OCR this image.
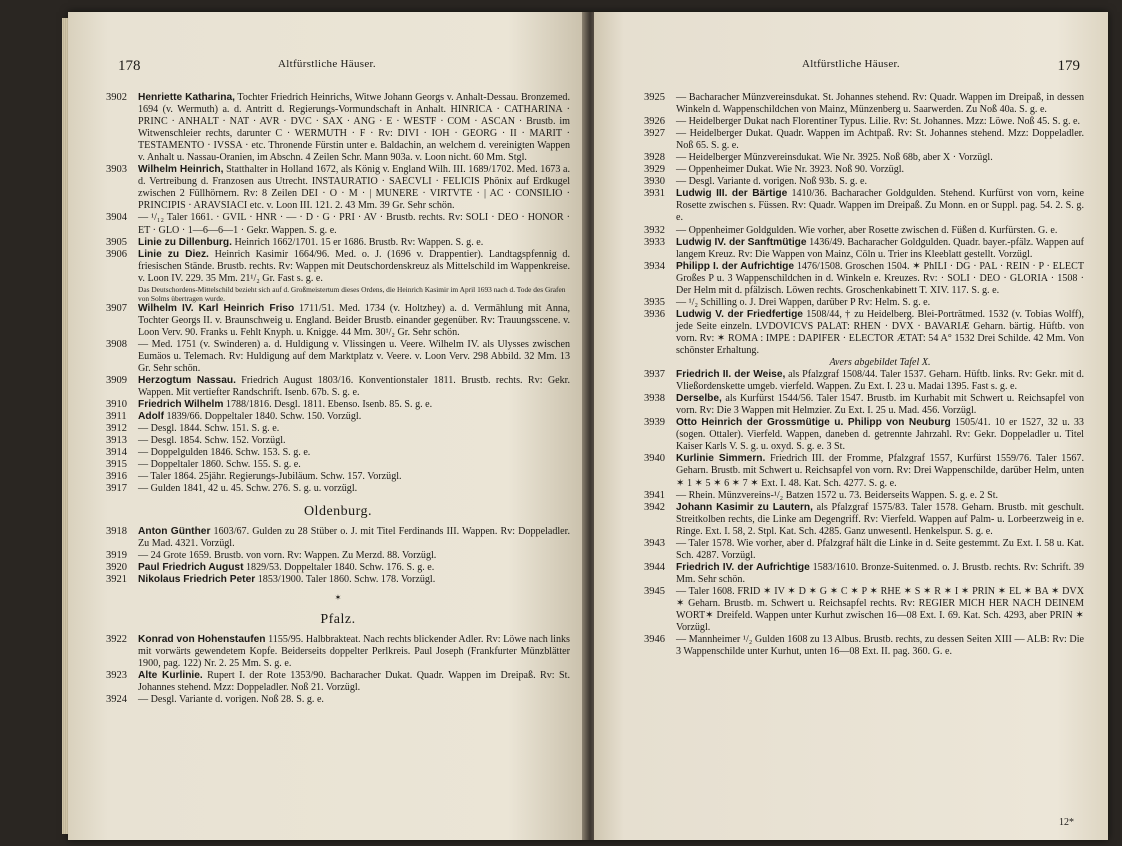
178	Altfürstliche Häuser.

3902 Henriette Katharina, Tochter Friedrich Heinrichs, Witwe Johann Georgs v. Anhalt-Dessau. Bronzemed. 1694 (v. Wermuth) a. d. Antritt d. Regierungs-Vormundschaft in Anhalt. HINRICA · CATHARINA · PRINC · ANHALT · NAT · AVR · DVC · SAX · ANG · E · WESTF · COM · ASCAN · Brustb. im Witwenschleier rechts, darunter C · WERMUTH · F · Rv: DIVI · IOH · GEORG · II · MARIT · TESTAMENTO · IVSSA · etc. Thronende Fürstin unter e. Baldachin, an welchem d. vereinigten Wappen v. Anhalt u. Nassau-Oranien, im Abschn. 4 Zeilen Schr. Mann 903a. v. Loon nicht. 60 Mm. Stgl.

3903 Wilhelm Heinrich, Statthalter in Holland 1672, als König v. England Wilh. III. 1689/1702. Med. 1673 a. d. Vertreibung d. Franzosen aus Utrecht. INSTAURATIO · SAECVLI · FELICIS Phönix auf Erdkugel zwischen 2 Füllhörnern. Rv: 8 Zeilen DEI · O · M · | MUNERE · VIRTVTE · | AC · CONSILIO · PRINCIPIS · ARAVSIACI etc. v. Loon III. 121. 2. 43 Mm. 39 Gr. Sehr schön.

3904 — ¹/₁₂ Taler 1661. · GVIL · HNR · — · D · G · PRI · AV · Brustb. rechts. Rv: SOLI · DEO · HONOR · ET · GLO · 1—6—6—1 · Gekr. Wappen. S. g. e.

3905 Linie zu Dillenburg. Heinrich 1662/1701. 15 er 1686. Brustb. Rv: Wappen. S. g. e.

3906 Linie zu Diez. Heinrich Kasimir 1664/96. Med. o. J. (1696 v. Drappentier). Landtagspfennig d. friesischen Stände. Brustb. rechts. Rv: Wappen mit Deutschordenskreuz als Mittelschild im Wappenkreise. v. Loon IV. 229. 35 Mm. 21¹/₂ Gr. Fast s. g. e.

Das Deutschordens-Mittelschild bezieht sich auf d. Großmeistertum dieses Ordens, die Heinrich Kasimir im April 1693 nach d. Tode des Grafen von Solms übertragen wurde.

3907 Wilhelm IV. Karl Heinrich Friso 1711/51. Med. 1734 (v. Holtzhey) a. d. Vermählung mit Anna, Tochter Georgs II. v. Braunschweig u. England. Beider Brustb. einander gegenüber. Rv: Trauungsscene. v. Loon Verv. 90. Franks u. Fehlt Knyph. u. Knigge. 44 Mm. 30¹/₂ Gr. Sehr schön.

3908 — Med. 1751 (v. Swinderen) a. d. Huldigung v. Vlissingen u. Veere. Wilhelm IV. als Ulysses zwischen Eumäos u. Telemach. Rv: Huldigung auf dem Marktplatz v. Veere. v. Loon Verv. 298 Abbild. 32 Mm. 13 Gr. Sehr schön.

3909 Herzogtum Nassau. Friedrich August 1803/16. Konventionstaler 1811. Brustb. rechts. Rv: Gekr. Wappen. Mit vertiefter Randschrift. Isenb. 67b. S. g. e.

3910 Friedrich Wilhelm 1788/1816. Desgl. 1811. Ebenso. Isenb. 85. S. g. e.

3911 Adolf 1839/66. Doppeltaler 1840. Schw. 150. Vorzügl.

3912 — Desgl. 1844. Schw. 151. S. g. e.

3913 — Desgl. 1854. Schw. 152. Vorzügl.

3914 — Doppelgulden 1846. Schw. 153. S. g. e.

3915 — Doppeltaler 1860. Schw. 155. S. g. e.

3916 — Taler 1864. 25jähr. Regierungs-Jubiläum. Schw. 157. Vorzügl.

3917 — Gulden 1841, 42 u. 45. Schw. 276. S. g. u. vorzügl.

Oldenburg.

3918 Anton Günther 1603/67. Gulden zu 28 Stüber o. J. mit Titel Ferdinands III. Wappen. Rv: Doppeladler. Zu Mad. 4321. Vorzügl.

3919 — 24 Grote 1659. Brustb. von vorn. Rv: Wappen. Zu Merzd. 88. Vorzügl.

3920 Paul Friedrich August 1829/53. Doppeltaler 1840. Schw. 176. S. g. e.

3921 Nikolaus Friedrich Peter 1853/1900. Taler 1860. Schw. 178. Vorzügl.

✶
Pfalz.

3922 Konrad von Hohenstaufen 1155/95. Halbbrakteat. Nach rechts blickender Adler. Rv: Löwe nach links mit vorwärts gewendetem Kopfe. Beiderseits doppelter Perlkreis. Paul Joseph (Frankfurter Münzblätter 1900, pag. 122) Nr. 2. 25 Mm. S. g. e.

3923 Alte Kurlinie. Rupert I. der Rote 1353/90. Bacharacher Dukat. Quadr. Wappen im Dreipaß. Rv: St. Johannes stehend. Mzz: Doppeladler. Noß 21. Vorzügl.

3924 — Desgl. Variante d. vorigen. Noß 28. S. g. e.

Altfürstliche Häuser.	179

3925 — Bacharacher Münzvereinsdukat. St. Johannes stehend. Rv: Quadr. Wappen im Dreipaß, in dessen Winkeln d. Wappenschildchen von Mainz, Münzenberg u. Saarwerden. Zu Noß 40a. S. g. e.

3926 — Heidelberger Dukat nach Florentiner Typus. Lilie. Rv: St. Johannes. Mzz: Löwe. Noß 45. S. g. e.

3927 — Heidelberger Dukat. Quadr. Wappen im Achtpaß. Rv: St. Johannes stehend. Mzz: Doppeladler. Noß 65. S. g. e.

3928 — Heidelberger Münzvereinsdukat. Wie Nr. 3925. Noß 68b, aber X · Vorzügl.

3929 — Oppenheimer Dukat. Wie Nr. 3923. Noß 90. Vorzügl.

3930 — Desgl. Variante d. vorigen. Noß 93b. S. g. e.

3931 Ludwig III. der Bärtige 1410/36. Bacharacher Goldgulden. Stehend. Kurfürst von vorn, keine Rosette zwischen s. Füssen. Rv: Quadr. Wappen im Dreipaß. Zu Monn. en or Suppl. pag. 54. 2. S. g. e.

3932 — Oppenheimer Goldgulden. Wie vorher, aber Rosette zwischen d. Füßen d. Kurfürsten. G. e.

3933 Ludwig IV. der Sanftmütige 1436/49. Bacharacher Goldgulden. Quadr. bayer.-pfälz. Wappen auf langem Kreuz. Rv: Die Wappen von Mainz, Cöln u. Trier ins Kleeblatt gestellt. Vorzügl.

3934 Philipp I. der Aufrichtige 1476/1508. Groschen 1504. ✶ PhILI · DG · PAL · REIN · P · ELECT Großes P u. 3 Wappenschildchen in d. Winkeln e. Kreuzes. Rv: · SOLI · DEO · GLORIA · 1508 · Der Helm mit d. pfälzisch. Löwen rechts. Groschenkabinett T. XIV. 117. S. g. e.

3935 — ¹/₂ Schilling o. J. Drei Wappen, darüber P Rv: Helm. S. g. e.

3936 Ludwig V. der Friedfertige 1508/44, † zu Heidelberg. Blei-Porträtmed. 1532 (v. Tobias Wolff), jede Seite einzeln. LVDOVICVS PALAT: RHEN · DVX · BAVARIÆ Geharn. bärtig. Hüftb. von vorn. Rv: ✶ ROMA : IMPE : DAPIFER · ELECTOR ÆTAT: 54 A° 1532 Drei Schilde. 42 Mm. Von schönster Erhaltung.

Avers abgebildet Tafel X.

3937 Friedrich II. der Weise, als Pfalzgraf 1508/44. Taler 1537. Geharn. Hüftb. links. Rv: Gekr. mit d. Vließordenskette umgeb. vierfeld. Wappen. Zu Ext. I. 23 u. Madai 1395. Fast s. g. e.

3938 Derselbe, als Kurfürst 1544/56. Taler 1547. Brustb. im Kurhabit mit Schwert u. Reichsapfel von vorn. Rv: Die 3 Wappen mit Helmzier. Zu Ext. I. 25 u. Mad. 456. Vorzügl.

3939 Otto Heinrich der Grossmütige u. Philipp von Neuburg 1505/41. 10 er 1527, 32 u. 33 (sogen. Ottaler). Vierfeld. Wappen, daneben d. getrennte Jahrzahl. Rv: Gekr. Doppeladler u. Titel Kaiser Karls V. S. g. u. oxyd. S. g. e. 3 St.

3940 Kurlinie Simmern. Friedrich III. der Fromme, Pfalzgraf 1557, Kurfürst 1559/76. Taler 1567. Geharn. Brustb. mit Schwert u. Reichsapfel von vorn. Rv: Drei Wappenschilde, darüber Helm, unten ✶ 1 ✶ 5 ✶ 6 ✶ 7 ✶ Ext. I. 48. Kat. Sch. 4277. S. g. e.

3941 — Rhein. Münzvereins-¹/₂ Batzen 1572 u. 73. Beiderseits Wappen. S. g. e. 2 St.

3942 Johann Kasimir zu Lautern, als Pfalzgraf 1575/83. Taler 1578. Geharn. Brustb. mit geschult. Streitkolben rechts, die Linke am Degengriff. Rv: Vierfeld. Wappen auf Palm- u. Lorbeerzweig in e. Ringe. Ext. I. 58, 2. Stpl. Kat. Sch. 4285. Ganz unwesentl. Henkelspur. S. g. e.

3943 — Taler 1578. Wie vorher, aber d. Pfalzgraf hält die Linke in d. Seite gestemmt. Zu Ext. I. 58 u. Kat. Sch. 4287. Vorzügl.

3944 Friedrich IV. der Aufrichtige 1583/1610. Bronze-Suitenmed. o. J. Brustb. rechts. Rv: Schrift. 39 Mm. Sehr schön.

3945 — Taler 1608. FRID ✶ IV ✶ D ✶ G ✶ C ✶ P ✶ RHE ✶ S ✶ R ✶ I ✶ PRIN ✶ EL ✶ BA ✶ DVX ✶ Geharn. Brustb. m. Schwert u. Reichsapfel rechts. Rv: REGIER MICH HER NACH DEINEM WORT✶ Dreifeld. Wappen unter Kurhut zwischen 16—08 Ext. I. 69. Kat. Sch. 4293, aber PRIN ✶ Vorzügl.

3946 — Mannheimer ¹/₂ Gulden 1608 zu 13 Albus. Brustb. rechts, zu dessen Seiten XIII — ALB: Rv: Die 3 Wappenschilde unter Kurhut, unten 16—08 Ext. II. pag. 360. G. e.

12*
